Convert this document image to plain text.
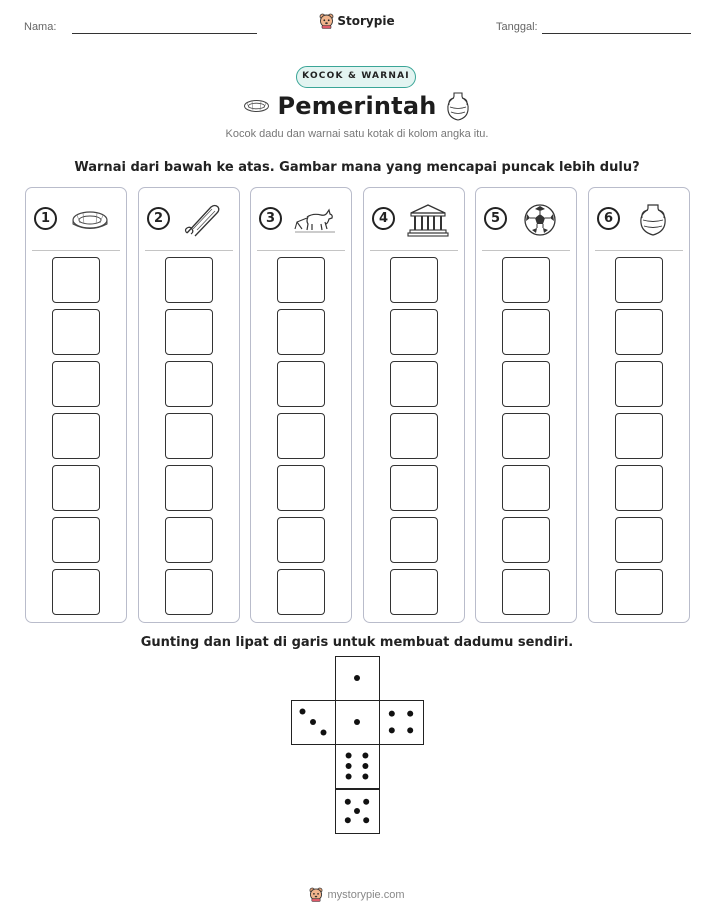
Nama:	Storypie	Tanggal:
KOCOK & WARNAI
Pemerintah
Kocok dadu dan warnai satu kotak di kolom angka itu.
Warnai dari bawah ke atas. Gambar mana yang mencapai puncak lebih dulu?
1	2	3	4	5	6
Gunting dan lipat di garis untuk membuat dadumu sendiri.
mystorypie.com
